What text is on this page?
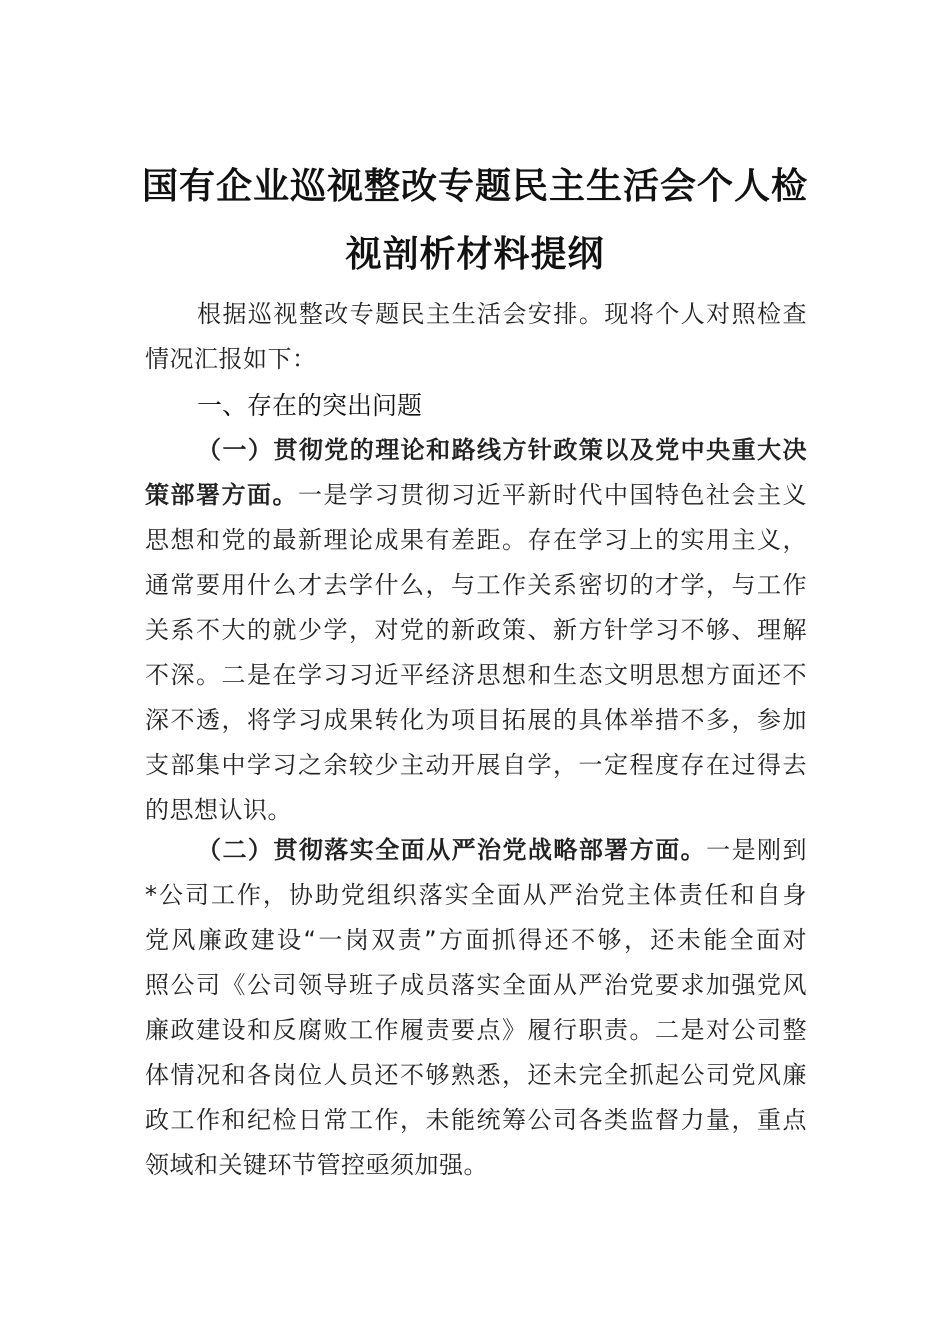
国有企业巡视整改专题民主生活会个人检
视剖析材料提纲
根据巡视整改专题民主生活会安排。现将个人对照检查
情况汇报如下：
一、存在的突出问题
（一）贯彻党的理论和路线方针政策以及党中央重大决
策部署方面。一是学习贯彻习近平新时代中国特色社会主义
思想和党的最新理论成果有差距。存在学习上的实用主义，
通常要用什么才去学什么，与工作关系密切的才学，与工作
关系不大的就少学，对党的新政策、新方针学习不够、理解
不深。二是在学习习近平经济思想和生态文明思想方面还不
深不透，将学习成果转化为项目拓展的具体举措不多，参加
支部集中学习之余较少主动开展自学，一定程度存在过得去
的思想认识。
（二）贯彻落实全面从严治党战略部署方面。一是刚到
*公司工作，协助党组织落实全面从严治党主体责任和自身
党风廉政建设“一岗双责”方面抓得还不够，还未能全面对
照公司《公司领导班子成员落实全面从严治党要求加强党风
廉政建设和反腐败工作履责要点》履行职责。二是对公司整
体情况和各岗位人员还不够熟悉，还未完全抓起公司党风廉
政工作和纪检日常工作，未能统筹公司各类监督力量，重点
领域和关键环节管控亟须加强。
